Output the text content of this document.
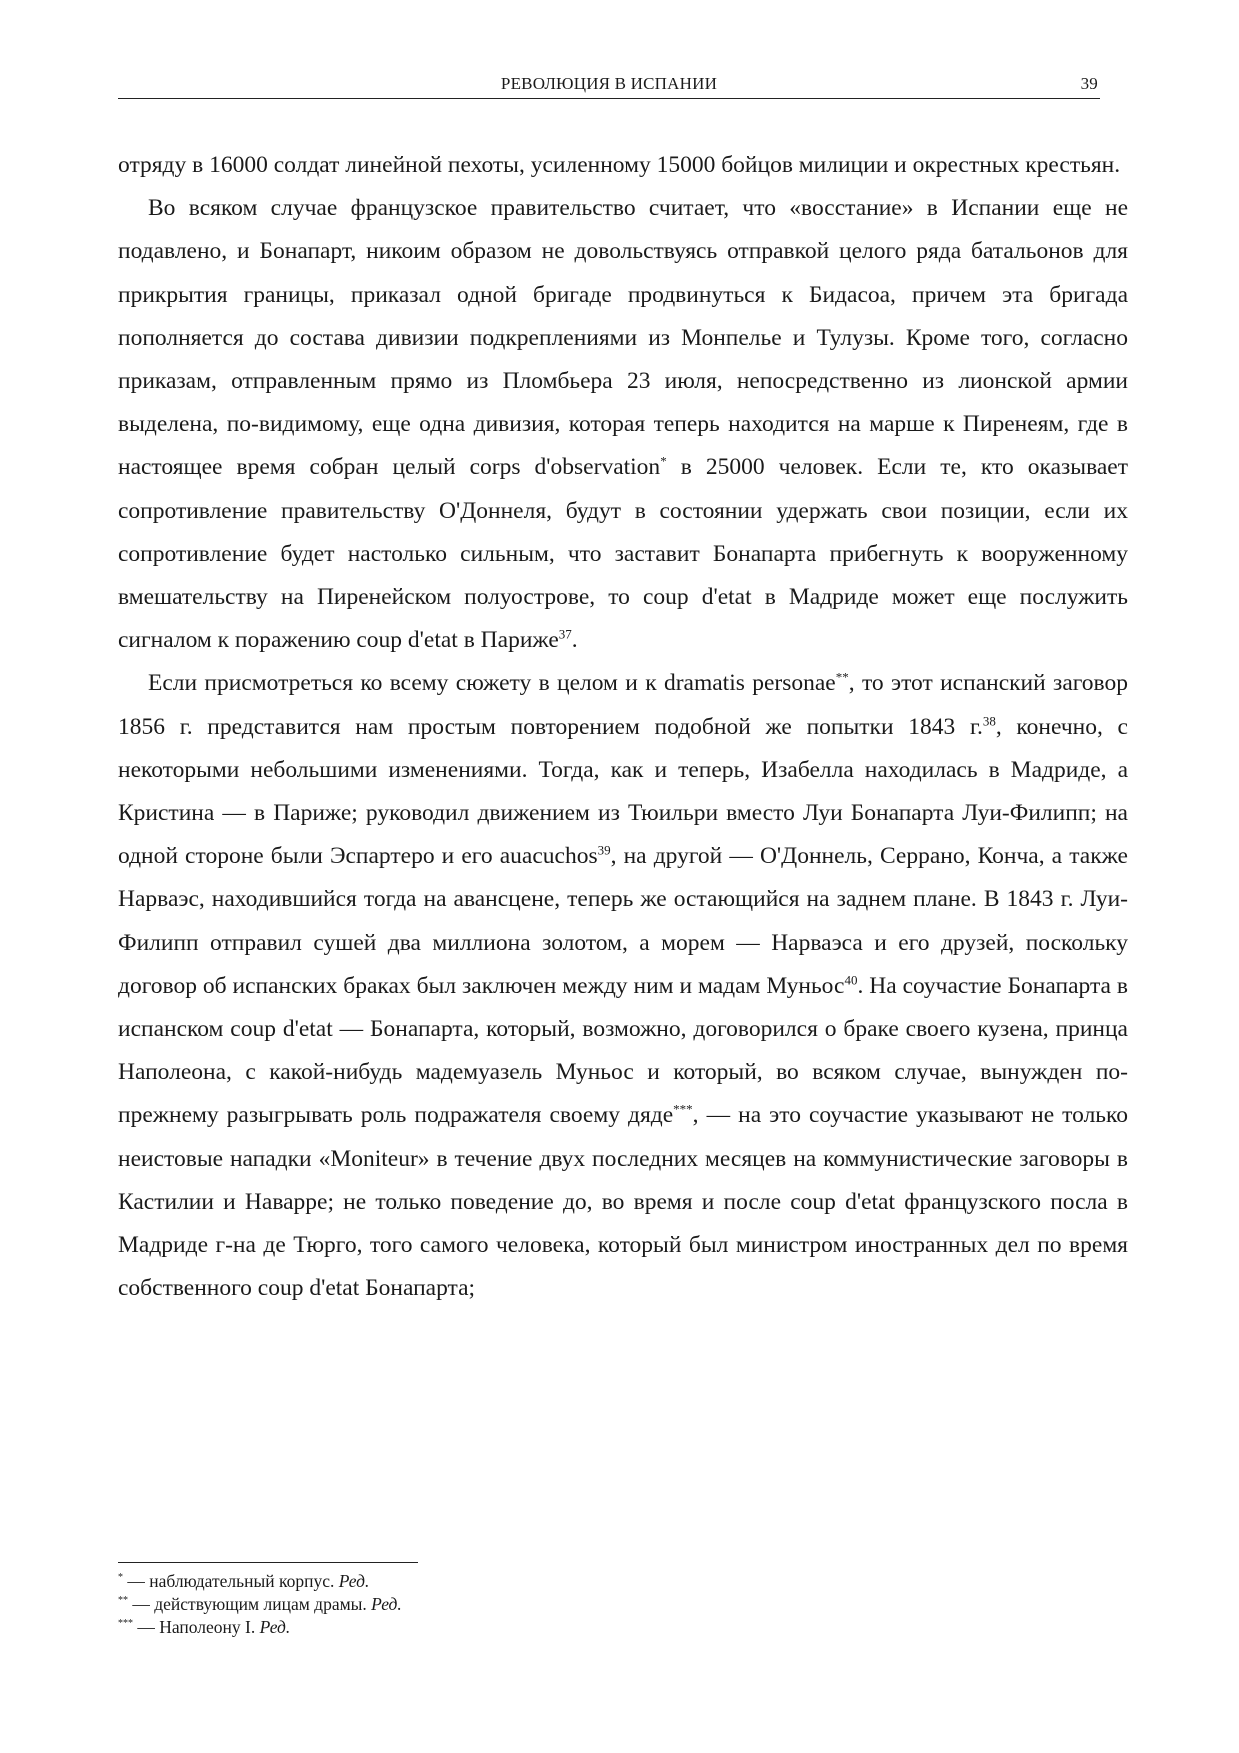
РЕВОЛЮЦИЯ В ИСПАНИИ	39

отряду в 16000 солдат линейной пехоты, усиленному 15000 бойцов милиции и окрестных крестьян.

Во всяком случае французское правительство считает, что «восстание» в Испании еще не подавлено, и Бонапарт, никоим образом не довольствуясь отправкой целого ряда батальонов для прикрытия границы, приказал одной бригаде продвинуться к Бидасоа, причем эта бригада пополняется до состава дивизии подкреплениями из Монпелье и Тулузы. Кроме того, согласно приказам, отправленным прямо из Пломбьера 23 июля, непосредственно из лионской армии выделена, по-видимому, еще одна дивизия, которая теперь находится на марше к Пиренеям, где в настоящее время собран целый corps d'observation* в 25000 человек. Если те, кто оказывает сопротивление правительству О'Доннеля, будут в состоянии удержать свои позиции, если их сопротивление будет настолько сильным, что заставит Бонапарта прибегнуть к вооруженному вмешательству на Пиренейском полуострове, то coup d'etat в Мадриде может еще послужить сигналом к поражению coup d'etat в Париже$^{37}$.

Если присмотреться ко всему сюжету в целом и к dramatis personae**, то этот испанский заговор 1856 г. представится нам простым повторением подобной же попытки 1843 г.$^{38}$, конечно, с некоторыми небольшими изменениями. Тогда, как и теперь, Изабелла находилась в Мадриде, а Кристина — в Париже; руководил движением из Тюильри вместо Луи Бонапарта Луи-Филипп; на одной стороне были Эспартеро и его auacuchos$^{39}$, на другой — О'Доннель, Серрано, Конча, а также Нарваэс, находившийся тогда на авансцене, теперь же остающийся на заднем плане. В 1843 г. Луи-Филипп отправил сушей два миллиона золотом, а морем — Нарваэса и его друзей, поскольку договор об испанских браках был заключен между ним и мадам Муньос$^{40}$. На соучастие Бонапарта в испанском coup d'etat — Бонапарта, который, возможно, договорился о браке своего кузена, принца Наполеона, с какой-нибудь мадемуазель Муньос и который, во всяком случае, вынужден по-прежнему разыгрывать роль подражателя своему дяде***, — на это соучастие указывают не только неистовые нападки «Moniteur» в течение двух последних месяцев на коммунистические заговоры в Кастилии и Наварре; не только поведение до, во время и после coup d'etat французского посла в Мадриде г-на де Тюрго, того самого человека, который был министром иностранных дел по время собственного coup d'etat Бонапарта;

* — наблюдательный корпус. Ред.

** — действующим лицам драмы. Ред.

*** — Наполеону I. Ред.
